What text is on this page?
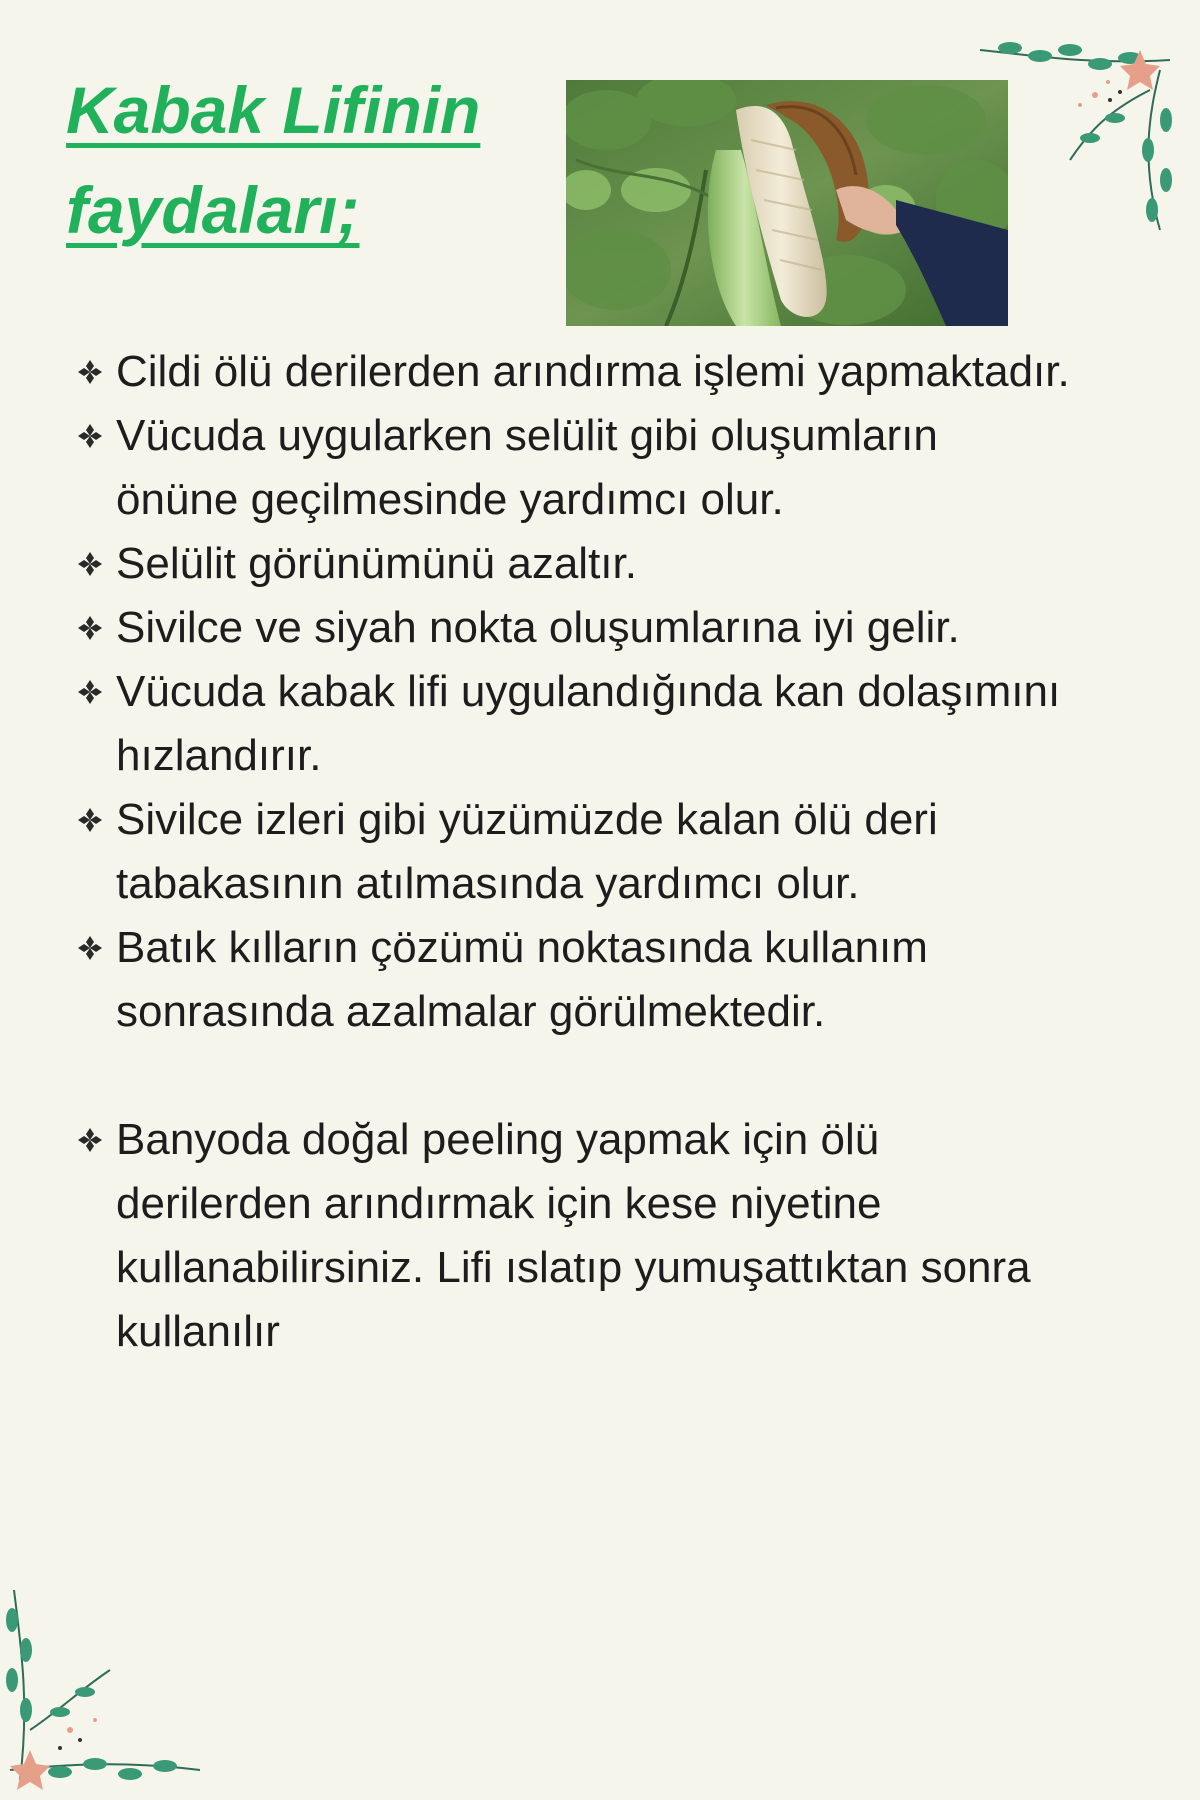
Kabak Lifinin
faydaları;
Cildi ölü derilerden arındırma işlemi yapmaktadır.
Vücuda uygularken selülit gibi oluşumların önüne geçilmesinde yardımcı olur.
Selülit görünümünü azaltır.
Sivilce ve siyah nokta oluşumlarına iyi gelir.
Vücuda kabak lifi uygulandığında kan dolaşımını hızlandırır.
Sivilce izleri gibi yüzümüzde kalan ölü deri tabakasının atılmasında yardımcı olur.
Batık kılların çözümü noktasında kullanım sonrasında azalmalar görülmektedir.
Banyoda doğal peeling yapmak için ölü derilerden arındırmak için kese niyetine kullanabilirsiniz. Lifi ıslatıp yumuşattıktan sonra kullanılır
